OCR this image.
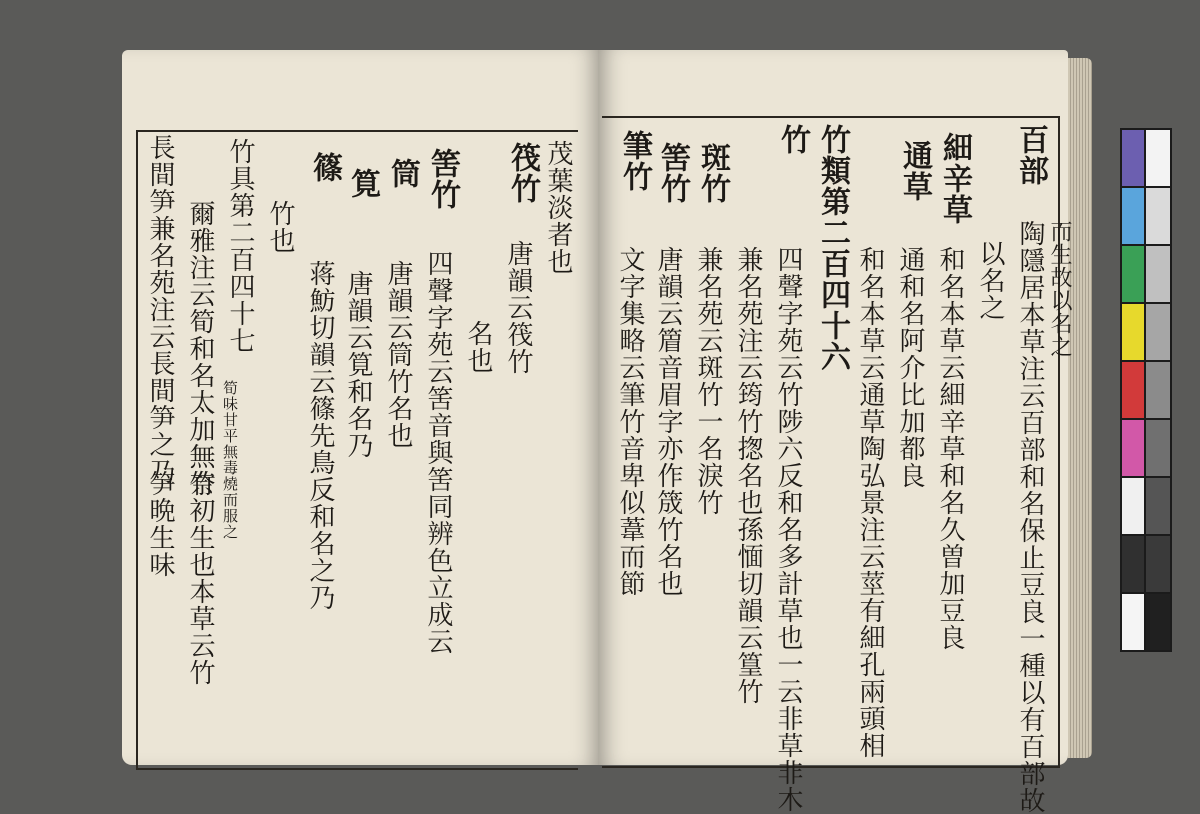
茂葉淡者也
筏竹
唐韻云筏竹
名也
筈竹
四聲字苑云筈音與筈同辨色立成云
筒
唐韻云筒竹名也
筧
唐韻云筧和名乃
篠
蒋魴切韻云篠先鳥反和名之乃
竹也
竹具第二百四十七
爾雅注云筍和名太加無奈
竹初生也本草云竹
長間笋兼名苑注云長間笋之乃
笋晩生味	筍味甘平無毒燒而服之
百部
陶隱居本草注云百部和名保止豆良一種以有百部故 而生故以名之
以名之
細辛草
和名本草云細辛草和名久曽加豆良
通草
通和名阿介比加都良
和名本草云通草陶弘景注云莖有細孔兩頭相
竹類第二百四十六
竹
四聲字苑云竹陟六反和名多計草也一云非草非木
兼名苑注云筠竹揔名也孫愐切韻云篁竹
斑竹
兼名苑云斑竹一名淚竹
筈竹
唐韻云篃音眉字亦作筬竹名也
筆竹
文字集略云筆竹音卑似葦而節
